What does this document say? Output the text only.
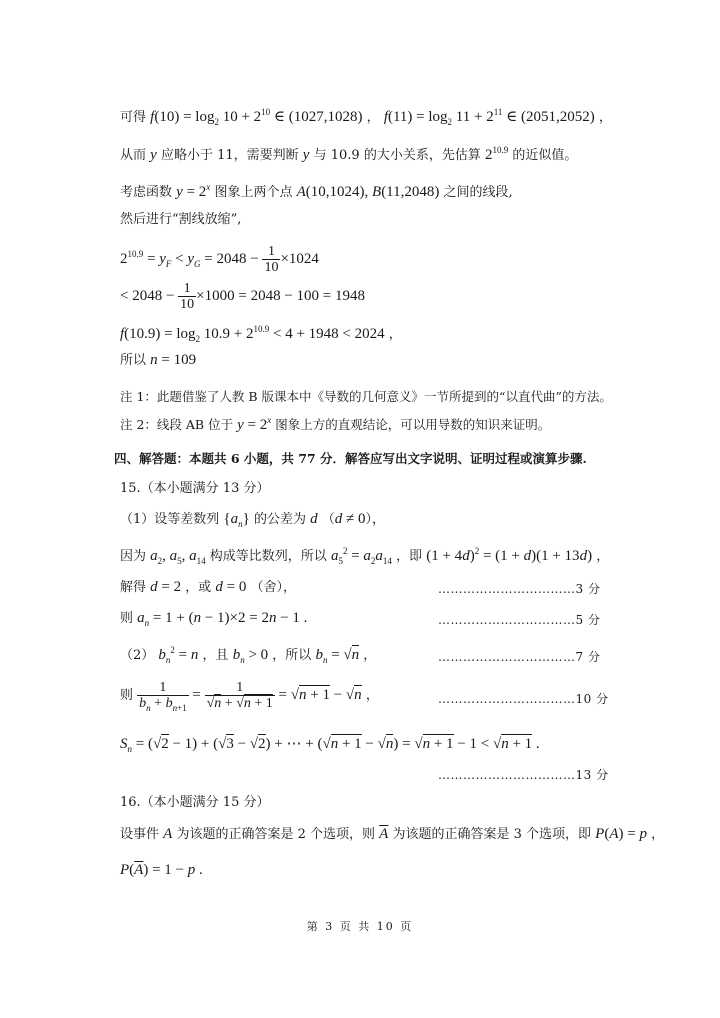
可得 $f(10) = \log_2 10 + 2^{10}$ ∈ (1027,1028) ， $f(11) = \log_2 11 + 2^{11}$ ∈ (2051,2052) ，
从而 y 应略小于 11，需要判断 y 与 10.9 的大小关系，先估算 $2^{10.9}$ 的近似值。
考虑函数 $y = 2^x$ 图象上两个点 A(10,1024), B(11,2048) 之间的线段,
然后进行“割线放缩”,
$2^{10.9} = y_F < y_G = 2048 - \frac{1}{10} \times 1024$
< $2048 - \frac{1}{10} \times 1000 = 2048 - 100 = 1948$
$f(10.9) = \log_2 10.9 + 2^{10.9} < 4 + 1948 < 2024$ ，
所以 n = 109
注 1：此题借鉴了人教 B 版课本中《导数的几何意义》一节所提到的“以直代曲”的方法。
注 2：线段 AB 位于 $y = 2^x$ 图象上方的直观结论，可以用导数的知识来证明。
四、解答题：本题共 6 小题，共 77 分．解答应写出文字说明、证明过程或演算步骤.
15.（本小题满分 13 分）
（1）设等差数列 $\{a_n\}$ 的公差为 d （d ≠ 0），
因为 $a_2$, $a_5$, $a_{14}$ 构成等比数列，所以 $a_5^2 = a_2a_{14}$ ，即 $(1 + 4d)^2 = (1 + d)(1 + 13d)$ ，
解得 d = 2 ，或 d = 0 （舍），	……………………………3 分
则 $a_n = 1 + (n - 1)\times 2 = 2n - 1$ .	……………………………5 分
（2） $b_n^2 = n$ ，且 $b_n > 0$ ，所以 $b_n = √n$ ，	……………………………7 分
则 $\frac{1}{b_n + b_{n+1}} = \frac{1}{√n + √n + 1} = √n + 1 - √n$ ，	……………………………10 分
$S_n = (√2 - 1) + (√3 - √2)$ + ⋯ + (√n + 1 − √n) = √n + 1 − 1 < √n + 1 .
……………………………13 分
16.（本小题满分 15 分）
设事件 A 为该题的正确答案是 2 个选项，则 $\overline{A}$ 为该题的正确答案是 3 个选项，即 P(A) = p ，
$P(\overline{A}) = 1 - p$ .
第 3 页 共 10 页
